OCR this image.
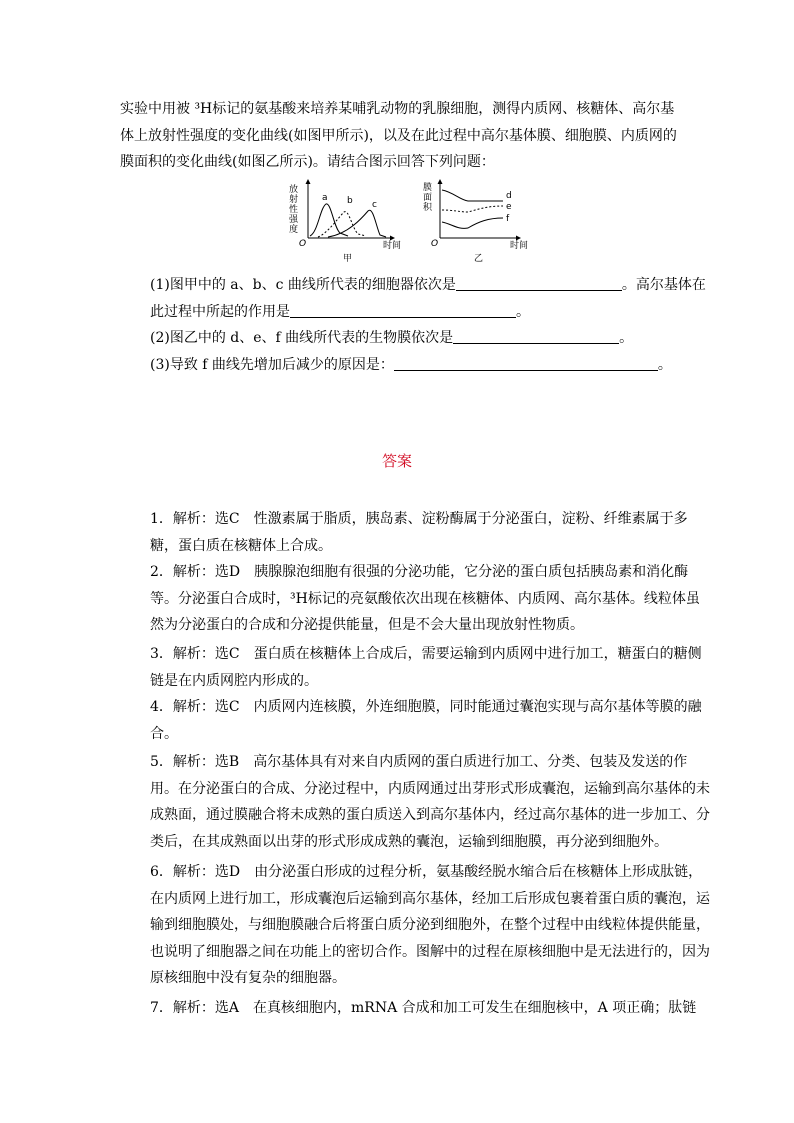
实验中用被 ³H标记的氨基酸来培养某哺乳动物的乳腺细胞，测得内质网、核糖体、高尔基体上放射性强度的变化曲线(如图甲所示)，以及在此过程中高尔基体膜、细胞膜、内质网的膜面积的变化曲线(如图乙所示)。请结合图示回答下列问题：

放
射
性
强
度
O	时间
a b c
甲
膜
面
积
O	时间
d
e
f
乙

(1)图甲中的 a、b、c 曲线所代表的细胞器依次是	。高尔基体在此过程中所起的作用是	。

(2)图乙中的 d、e、f 曲线所代表的生物膜依次是	。

(3)导致 f 曲线先增加后减少的原因是：	。

答案

1．解析：选C　性激素属于脂质，胰岛素、淀粉酶属于分泌蛋白，淀粉、纤维素属于多糖，蛋白质在核糖体上合成。

2．解析：选D　胰腺腺泡细胞有很强的分泌功能，它分泌的蛋白质包括胰岛素和消化酶等。分泌蛋白合成时，³H标记的亮氨酸依次出现在核糖体、内质网、高尔基体。线粒体虽然为分泌蛋白的合成和分泌提供能量，但是不会大量出现放射性物质。

3．解析：选C　蛋白质在核糖体上合成后，需要运输到内质网中进行加工，糖蛋白的糖侧链是在内质网腔内形成的。

4．解析：选C　内质网内连核膜，外连细胞膜，同时能通过囊泡实现与高尔基体等膜的融合。

5．解析：选B　高尔基体具有对来自内质网的蛋白质进行加工、分类、包装及发送的作用。在分泌蛋白的合成、分泌过程中，内质网通过出芽形式形成囊泡，运输到高尔基体的未成熟面，通过膜融合将未成熟的蛋白质送入到高尔基体内，经过高尔基体的进一步加工、分类后，在其成熟面以出芽的形式形成成熟的囊泡，运输到细胞膜，再分泌到细胞外。

6．解析：选D　由分泌蛋白形成的过程分析，氨基酸经脱水缩合后在核糖体上形成肽链，在内质网上进行加工，形成囊泡后运输到高尔基体，经加工后形成包裹着蛋白质的囊泡，运输到细胞膜处，与细胞膜融合后将蛋白质分泌到细胞外，在整个过程中由线粒体提供能量，也说明了细胞器之间在功能上的密切合作。图解中的过程在原核细胞中是无法进行的，因为原核细胞中没有复杂的细胞器。

7．解析：选A　在真核细胞内，mRNA 合成和加工可发生在细胞核中，A 项正确；肽链
